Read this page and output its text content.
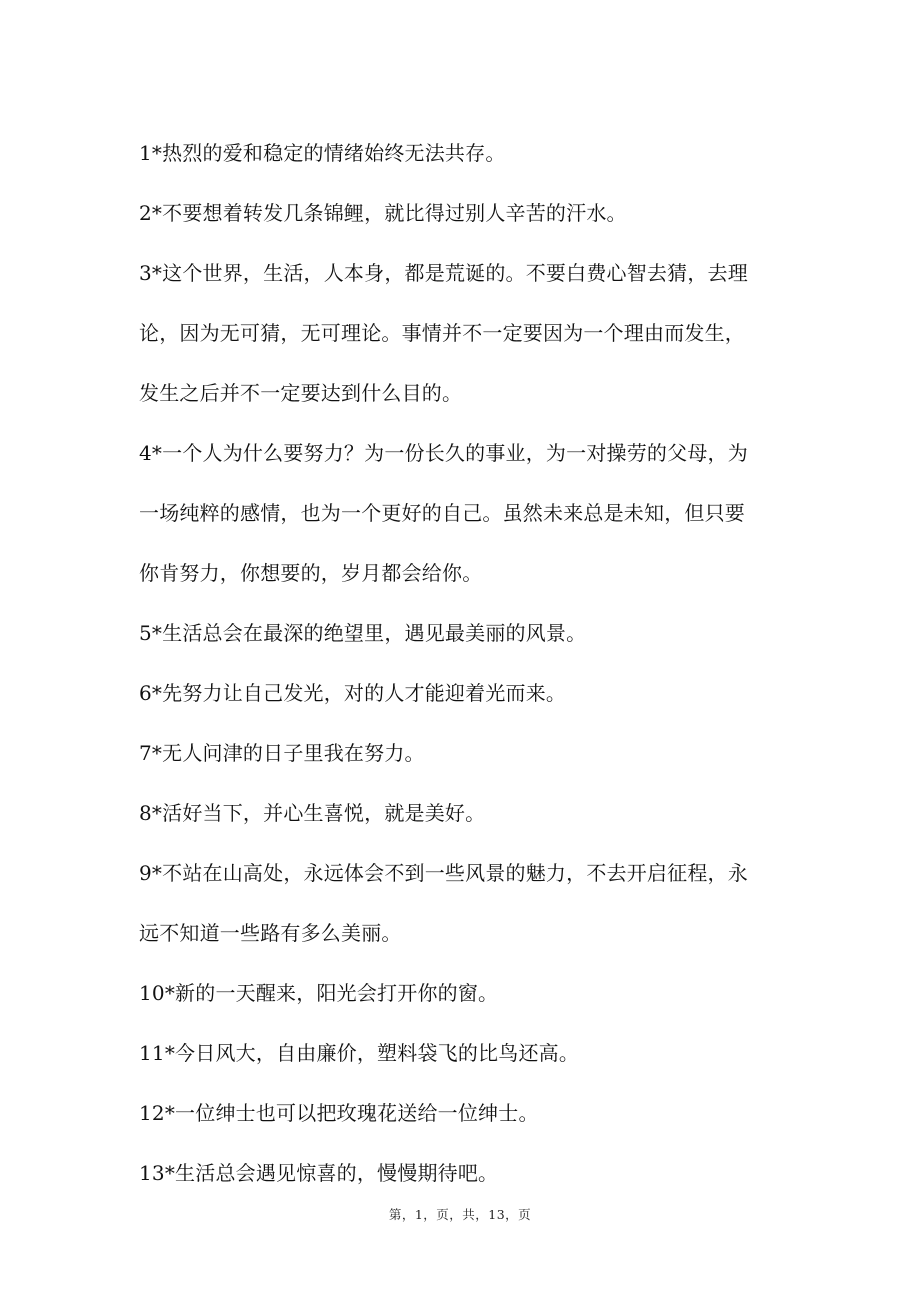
1*热烈的爱和稳定的情绪始终无法共存。
2*不要想着转发几条锦鲤，就比得过别人辛苦的汗水。
3*这个世界，生活，人本身，都是荒诞的。不要白费心智去猜，去理
论，因为无可猜，无可理论。事情并不一定要因为一个理由而发生，
发生之后并不一定要达到什么目的。
4*一个人为什么要努力？为一份长久的事业，为一对操劳的父母，为
一场纯粹的感情，也为一个更好的自己。虽然未来总是未知，但只要
你肯努力，你想要的，岁月都会给你。
5*生活总会在最深的绝望里，遇见最美丽的风景。
6*先努力让自己发光，对的人才能迎着光而来。
7*无人问津的日子里我在努力。
8*活好当下，并心生喜悦，就是美好。
9*不站在山高处，永远体会不到一些风景的魅力，不去开启征程，永
远不知道一些路有多么美丽。
10*新的一天醒来，阳光会打开你的窗。
11*今日风大，自由廉价，塑料袋飞的比鸟还高。
12*一位绅士也可以把玫瑰花送给一位绅士。
13*生活总会遇见惊喜的，慢慢期待吧。
第，1，页，共，13，页
